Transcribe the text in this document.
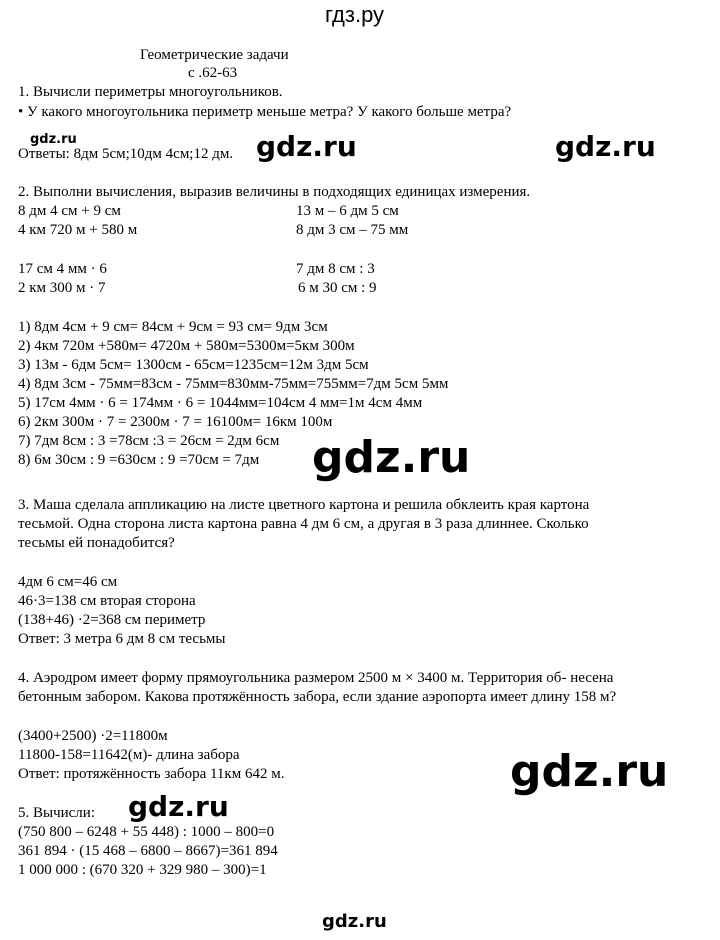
гдз.ру
Геометрические задачи
с .62-63
1. Вычисли периметры многоугольников.
• У какого многоугольника периметр меньше метра? У какого больше метра?
gdz.ru
Ответы: 8дм 5см;10дм 4см;12 дм. gdz.ru	gdz.ru
2. Выполни вычисления, выразив величины в подходящих единицах измерения.
8 дм 4 см + 9 см	13 м – 6 дм 5 см
4 км 720 м + 580 м	8 дм 3 см – 75 мм
17 см 4 мм · 6	7 дм 8 см : 3
2 км 300 м · 7	6 м 30 см : 9
1) 8дм 4см + 9 см= 84см + 9см = 93 см= 9дм 3см
2) 4км 720м +580м= 4720м + 580м=5300м=5км 300м
3) 13м - 6дм 5см= 1300см - 65см=1235см=12м 3дм 5см
4) 8дм 3см - 75мм=83см - 75мм=830мм-75мм=755мм=7дм 5см 5мм
5) 17см 4мм · 6 = 174мм · 6 = 1044мм=104см 4 мм=1м 4см 4мм
6) 2км 300м · 7 = 2300м · 7 = 16100м= 16км 100м
7) 7дм 8см : 3 =78см :3 = 26см = 2дм 6см
8) 6м 30см : 9 =630см : 9 =70см = 7дм gdz.ru
3. Маша сделала аппликацию на листе цветного картона и решила обклеить края картона
тесьмой. Одна сторона листа картона равна 4 дм 6 см, а другая в 3 раза длиннее. Сколько
тесьмы ей понадобится?
4дм 6 см=46 см
46·3=138 см вторая сторона
(138+46) ·2=368 см периметр
Ответ: 3 метра 6 дм 8 см тесьмы
4. Аэродром имеет форму прямоугольника размером 2500 м × 3400 м. Территория об- несена
бетонным забором. Какова протяжённость забора, если здание аэропорта имеет длину 158 м?
(3400+2500) ·2=11800м
11800-158=11642(м)- длина забора
Ответ: протяжённость забора 11км 642 м.	gdz.ru
5. Вычисли: gdz.ru
(750 800 – 6248 + 55 448) : 1000 – 800=0
361 894 · (15 468 – 6800 – 8667)=361 894
1 000 000 : (670 320 + 329 980 – 300)=1
gdz.ru
